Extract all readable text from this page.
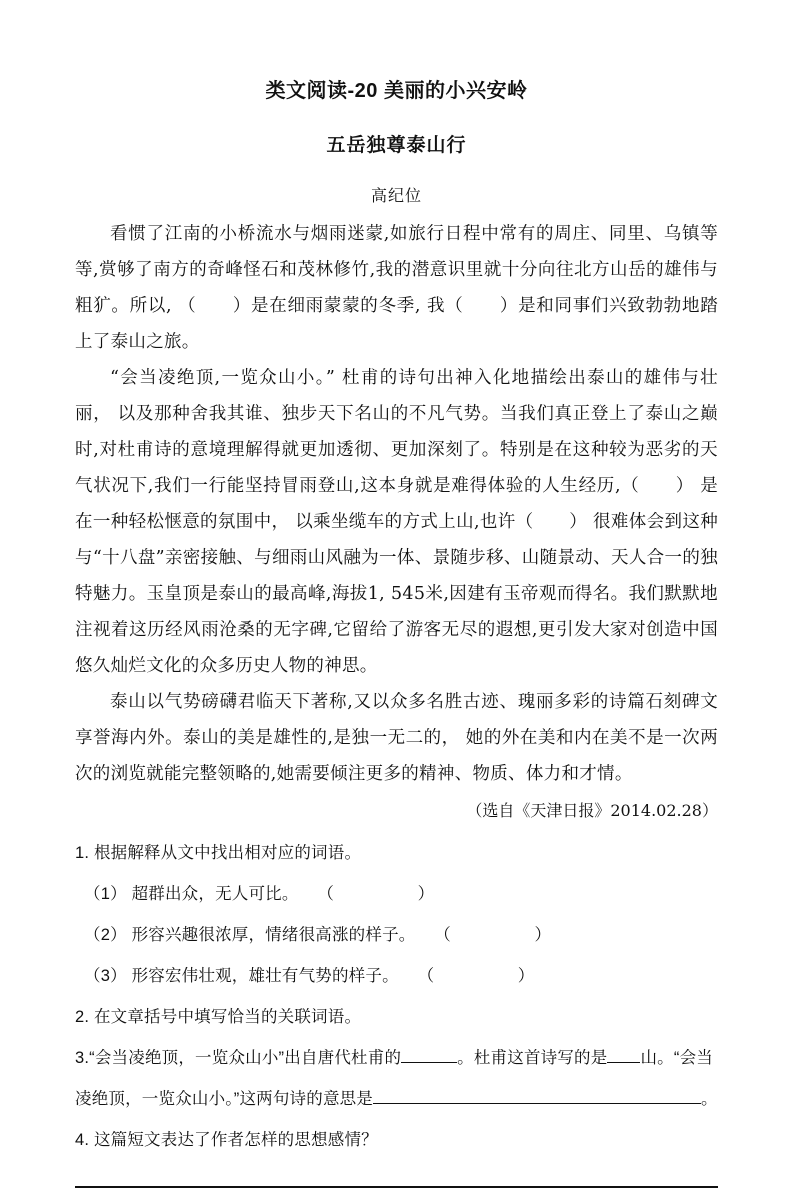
类文阅读-20 美丽的小兴安岭
五岳独尊泰山行
高纪位

看惯了江南的小桥流水与烟雨迷蒙,如旅行日程中常有的周庄、同里、乌镇等等,赏够了南方的奇峰怪石和茂林修竹,我的潜意识里就十分向往北方山岳的雄伟与粗犷。所以, （　　）是在细雨蒙蒙的冬季, 我（　　）是和同事们兴致勃勃地踏上了泰山之旅。

“会当凌绝顶,一览众山小。” 杜甫的诗句出神入化地描绘出泰山的雄伟与壮丽， 以及那种舍我其谁、独步天下名山的不凡气势。当我们真正登上了泰山之巅时,对杜甫诗的意境理解得就更加透彻、更加深刻了。特别是在这种较为恶劣的天气状况下,我们一行能坚持冒雨登山,这本身就是难得体验的人生经历,（　　） 是在一种轻松惬意的氛围中， 以乘坐缆车的方式上山,也许（　　） 很难体会到这种与“十八盘”亲密接触、与细雨山风融为一体、景随步移、山随景动、天人合一的独特魅力。玉皇顶是泰山的最高峰,海拔1, 545米,因建有玉帝观而得名。我们默默地注视着这历经风雨沧桑的无字碑,它留给了游客无尽的遐想,更引发大家对创造中国悠久灿烂文化的众多历史人物的神思。

泰山以气势磅礴君临天下著称,又以众多名胜古迹、瑰丽多彩的诗篇石刻碑文享誉海内外。泰山的美是雄性的,是独一无二的， 她的外在美和内在美不是一次两次的浏览就能完整领略的,她需要倾注更多的精神、物质、体力和才情。

（选自《天津日报》2014.02.28）

1. 根据解释从文中找出相对应的词语。

（1） 超群出众，无人可比。 （　　　　　）

（2） 形容兴趣很浓厚，情绪很高涨的样子。 （　　　　　）

（3） 形容宏伟壮观，雄壮有气势的样子。 （　　　　　）

2. 在文章括号中填写恰当的关联词语。

3.“会当凌绝顶，一览众山小”出自唐代杜甫的	。杜甫这首诗写的是 山。“会当凌绝顶，一览众山小。”这两句诗的意思是	。

4. 这篇短文表达了作者怎样的思想感情？
